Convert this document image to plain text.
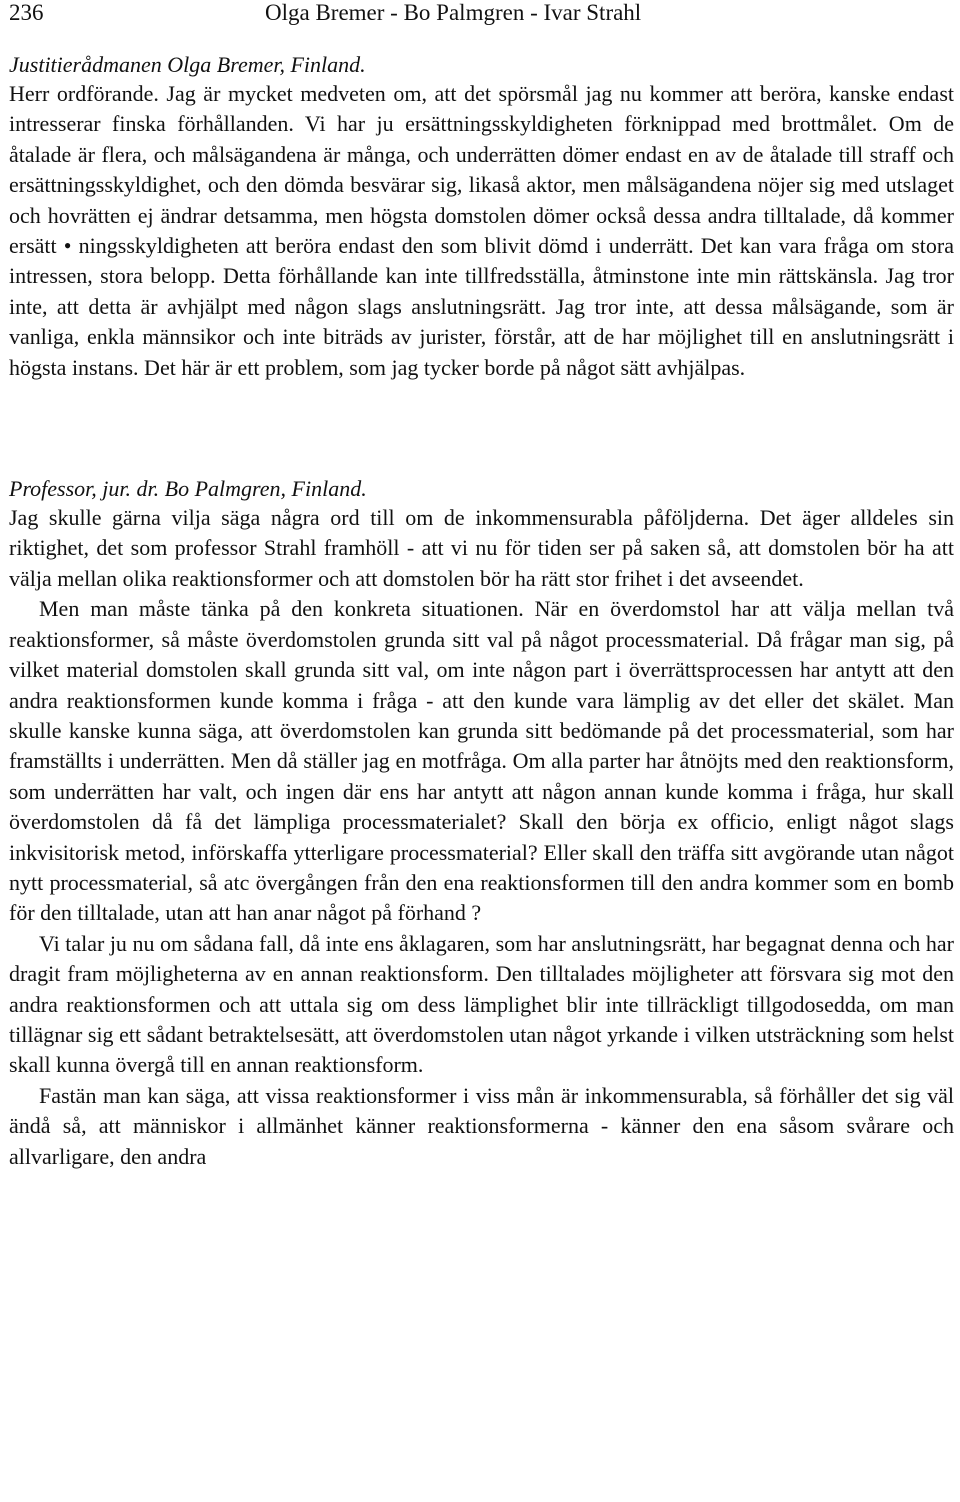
236	Olga Bremer - Bo Palmgren - Ivar Strahl
Justitierådmanen Olga Bremer, Finland.

Herr ordförande. Jag är mycket medveten om, att det spörsmål jag nu kommer att beröra, kanske endast intresserar finska förhållanden. Vi har ju ersättningsskyldigheten förknippad med brottmålet. Om de åtalade är flera, och målsägandena är många, och underrätten dömer endast en av de åtalade till straff och ersättningsskyldighet, och den dömda besvärar sig, likaså aktor, men målsägandena nöjer sig med utslaget och hovrätten ej ändrar detsamma, men högsta domstolen dömer också dessa andra tilltalade, då kommer ersätt • ningsskyldigheten att beröra endast den som blivit dömd i underrätt. Det kan vara fråga om stora intressen, stora belopp. Detta förhållande kan inte tillfredsställa, åtminstone inte min rättskänsla. Jag tror inte, att detta är avhjälpt med någon slags anslutningsrätt. Jag tror inte, att dessa målsägande, som är vanliga, enkla männsikor och inte biträds av jurister, förstår, att de har möjlighet till en anslutningsrätt i högsta instans. Det här är ett problem, som jag tycker borde på något sätt avhjälpas.

Professor, jur. dr. Bo Palmgren, Finland.

Jag skulle gärna vilja säga några ord till om de inkommensurabla påföljderna. Det äger alldeles sin riktighet, det som professor Strahl framhöll - att vi nu för tiden ser på saken så, att domstolen bör ha att välja mellan olika reaktionsformer och att domstolen bör ha rätt stor frihet i det avseendet.

Men man måste tänka på den konkreta situationen. När en överdomstol har att välja mellan två reaktionsformer, så måste överdomstolen grunda sitt val på något processmaterial. Då frågar man sig, på vilket material domstolen skall grunda sitt val, om inte någon part i överrättsprocessen har antytt att den andra reaktionsformen kunde komma i fråga - att den kunde vara lämplig av det eller det skälet. Man skulle kanske kunna säga, att överdomstolen kan grunda sitt bedömande på det processmaterial, som har framställts i underrätten. Men då ställer jag en motfråga. Om alla parter har åtnöjts med den reaktionsform, som underrätten har valt, och ingen där ens har antytt att någon annan kunde komma i fråga, hur skall överdomstolen då få det lämpliga processmaterialet? Skall den börja ex officio, enligt något slags inkvisitorisk metod, införskaffa ytterligare processmaterial? Eller skall den träffa sitt avgörande utan något nytt processmaterial, så atc övergången från den ena reaktionsformen till den andra kommer som en bomb för den tilltalade, utan att han anar något på förhand ?

Vi talar ju nu om sådana fall, då inte ens åklagaren, som har anslutningsrätt, har begagnat denna och har dragit fram möjligheterna av en annan reaktionsform. Den tilltalades möjligheter att försvara sig mot den andra reaktionsformen och att uttala sig om dess lämplighet blir inte tillräckligt tillgodosedda, om man tillägnar sig ett sådant betraktelsesätt, att överdomstolen utan något yrkande i vilken utsträckning som helst skall kunna övergå till en annan reaktionsform.

Fastän man kan säga, att vissa reaktionsformer i viss mån är inkommensurabla, så förhåller det sig väl ändå så, att människor i allmänhet känner reaktionsformerna - känner den ena såsom svårare och allvarligare, den andra
